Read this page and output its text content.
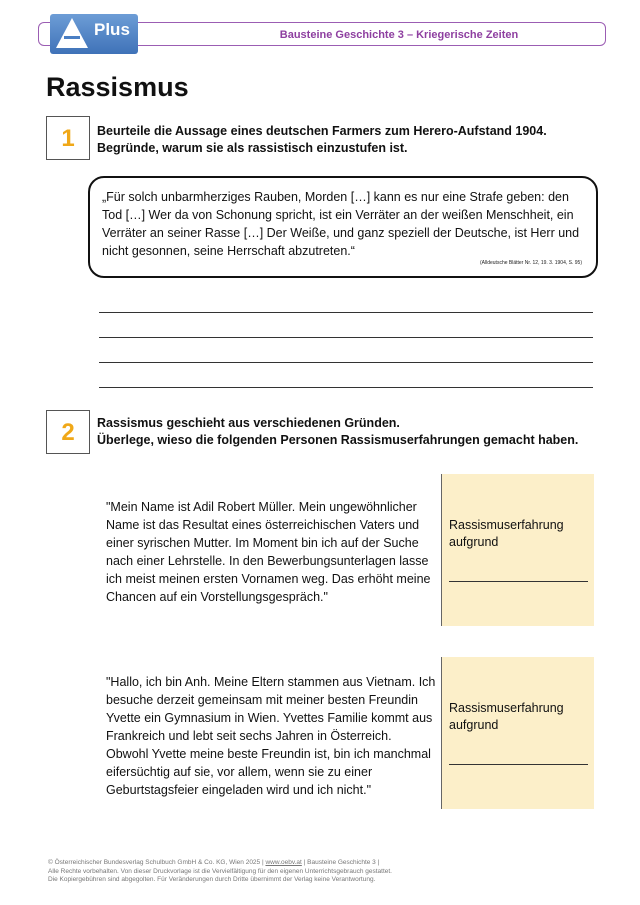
Bausteine Geschichte 3 – Kriegerische Zeiten
Plus
Rassismus
1	Beurteile die Aussage eines deutschen Farmers zum Herero-Aufstand 1904.
Begründe, warum sie als rassistisch einzustufen ist.

„Für solch unbarmherziges Rauben, Morden […] kann es nur eine Strafe geben: den Tod […] Wer da von Schonung spricht, ist ein Verräter an der weißen Menschheit, ein Verräter an seiner Rasse […] Der Weiße, und ganz speziell der Deutsche, ist Herr und nicht gesonnen, seine Herrschaft abzutreten.“

(Alldeutsche Blätter Nr. 12, 19. 3. 1904, S. 95)
2	Rassismus geschieht aus verschiedenen Gründen.
Überlege, wieso die folgenden Personen Rassismuserfahrungen gemacht haben.

"Mein Name ist Adil Robert Müller. Mein ungewöhnlicher Name ist das Resultat eines österreichischen Vaters und einer syrischen Mutter. Im Moment bin ich auf der Suche nach einer Lehrstelle. In den Bewerbungsunterlagen lasse ich meist meinen ersten Vornamen weg. Das erhöht meine Chancen auf ein Vorstellungsgespräch."

Rassismuserfahrung aufgrund

"Hallo, ich bin Anh. Meine Eltern stammen aus Vietnam. Ich besuche derzeit gemeinsam mit meiner besten Freundin Yvette ein Gymnasium in Wien. Yvettes Familie kommt aus Frankreich und lebt seit sechs Jahren in Österreich. Obwohl Yvette meine beste Freundin ist, bin ich manchmal eifersüchtig auf sie, vor allem, wenn sie zu einer Geburtstagsfeier eingeladen wird und ich nicht."

Rassismuserfahrung aufgrund
© Österreichischer Bundesverlag Schulbuch GmbH & Co. KG, Wien 2025 | www.oebv.at | Bausteine Geschichte 3 |
Alle Rechte vorbehalten. Von dieser Druckvorlage ist die Vervielfältigung für den eigenen Unterrichtsgebrauch gestattet.
Die Kopiergebühren sind abgegolten. Für Veränderungen durch Dritte übernimmt der Verlag keine Verantwortung.
